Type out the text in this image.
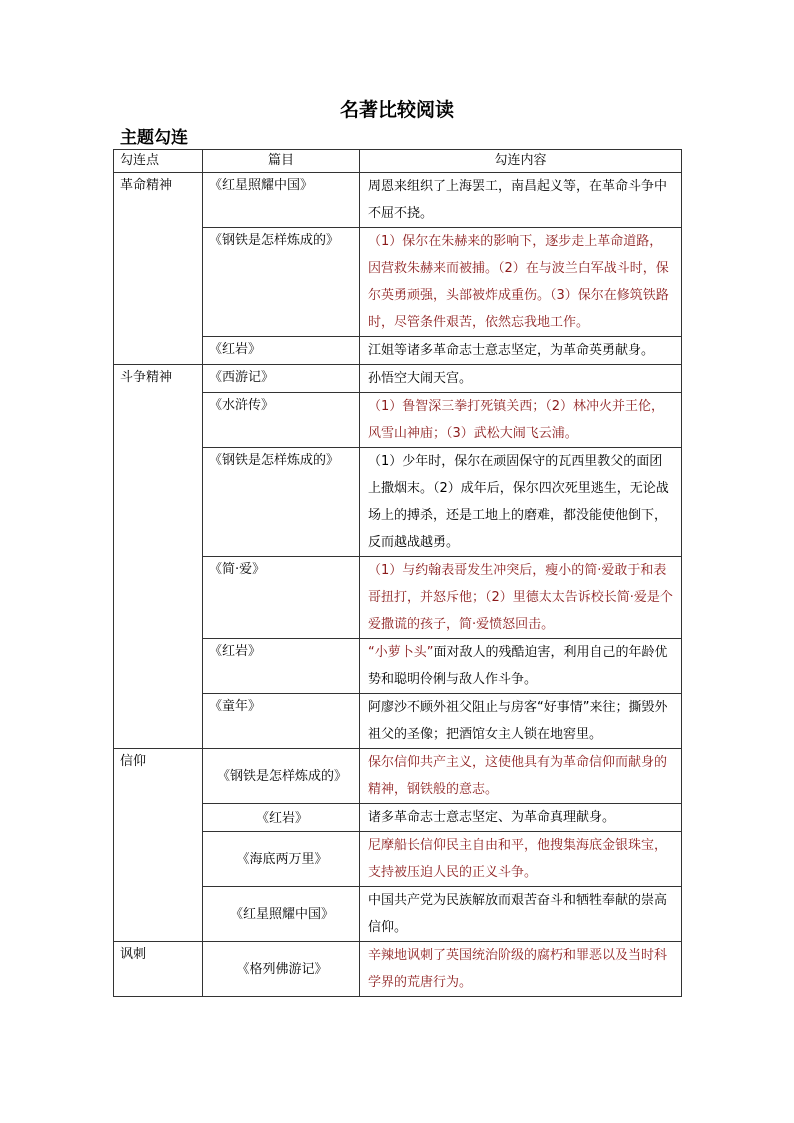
名著比较阅读
主题勾连
勾连点	篇目	勾连内容
革命精神	《红星照耀中国》	周恩来组织了上海罢工，南昌起义等，在革命斗争中不屈不挠。
	《钢铁是怎样炼成的》	（1）保尔在朱赫来的影响下，逐步走上革命道路，因营救朱赫来而被捕。（2）在与波兰白军战斗时，保尔英勇顽强，头部被炸成重伤。（3）保尔在修筑铁路时，尽管条件艰苦，依然忘我地工作。
	《红岩》	江姐等诸多革命志士意志坚定，为革命英勇献身。
斗争精神	《西游记》	孙悟空大闹天宫。
	《水浒传》	（1）鲁智深三拳打死镇关西；（2）林冲火并王伦，风雪山神庙；（3）武松大闹飞云浦。
	《钢铁是怎样炼成的》	（1）少年时，保尔在顽固保守的瓦西里教父的面团上撒烟末。（2）成年后，保尔四次死里逃生，无论战场上的搏杀，还是工地上的磨难，都没能使他倒下，反而越战越勇。
	《简·爱》	（1）与约翰表哥发生冲突后，瘦小的简·爱敢于和表哥扭打，并怒斥他；（2）里德太太告诉校长简·爱是个爱撒谎的孩子，简·爱愤怒回击。
	《红岩》	“小萝卜头”面对敌人的残酷迫害，利用自己的年龄优势和聪明伶俐与敌人作斗争。
	《童年》	阿廖沙不顾外祖父阻止与房客“好事情”来往；撕毁外祖父的圣像；把酒馆女主人锁在地窖里。
信仰	《钢铁是怎样炼成的》	保尔信仰共产主义，这使他具有为革命信仰而献身的精神，钢铁般的意志。
	《红岩》	诸多革命志士意志坚定、为革命真理献身。
	《海底两万里》	尼摩船长信仰民主自由和平，他搜集海底金银珠宝，支持被压迫人民的正义斗争。
	《红星照耀中国》	中国共产党为民族解放而艰苦奋斗和牺牲奉献的崇高信仰。
讽刺	《格列佛游记》	辛辣地讽刺了英国统治阶级的腐朽和罪恶以及当时科学界的荒唐行为。
